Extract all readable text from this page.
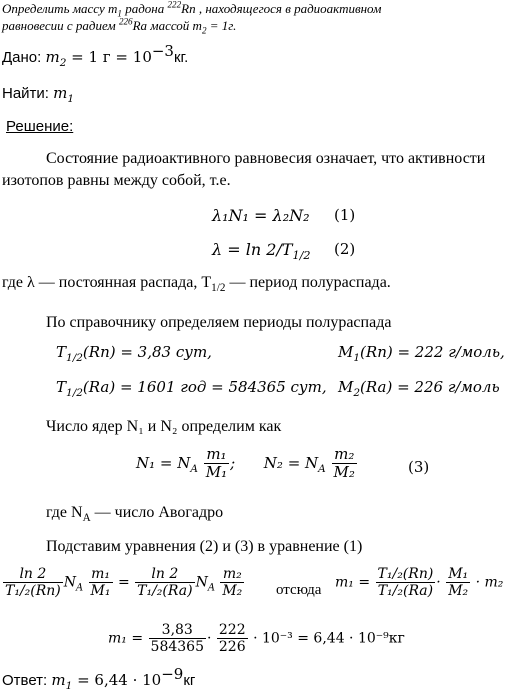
Определить массу $m_1$ радона $^{222}$Rn , находящегося в радиоактивном
равновесии с радием $^{226}$Ra массой $m_2 = 1г$.
Дано: $m_2 = 1$ $г = 10^{-3}кг$.
Найти: $m_1$
Решение:
Состояние радиоактивного равновесия означает, что активности
изотопов равны между собой, т.е.
λ₁N₁ = λ₂N₂ (1)
$\lambda = \ln 2/T_{1/2}$ (2)
где λ — постоянная распада, $T_{1/2}$ — период полураспада.
По справочнику определяем периоды полураспада
$T_{1/2}(Rn) = 3,83$ сут,	$M_1(Rn) = 222$ г/моль,
$T_{1/2}(Ra) = 1601$ год = 584365 сут, $M_2(Ra) = 226$ г/моль
Число ядер N₁ и N₂ определим как
$N_1 = N_A \frac{\text{m₁}}{\text{M₁}}$ ; $N_2 = N_A \frac{\text{m₂}}{\text{M₂}}$	(3)
где $N_A$ — число Авогадро
Подставим уравнения (2) и (3) в уравнение (1)
$\frac{\ln 2}{\text{T₁/₂(Rn)}} N_A \frac{\text{m₁}}{\text{M₁}} = \frac{\ln 2}{\text{T₁/₂(Ra)}} N_A \frac{\text{m₂}}{\text{M₂}}$ отсюда $m_1 = \frac{\text{T₁/₂(Rn)}}{\text{T₁/₂(Ra)}} \cdot \frac{\text{M₁}}{\text{M₂}} \cdot m_2$
$m_1 = \frac{3,83}{584365} \cdot \frac{222}{226} \cdot 10^{-3} = 6,44 \cdot 10^{-9}кг$
Ответ: $m_1 = 6,44 \cdot 10^{-9}кг$
